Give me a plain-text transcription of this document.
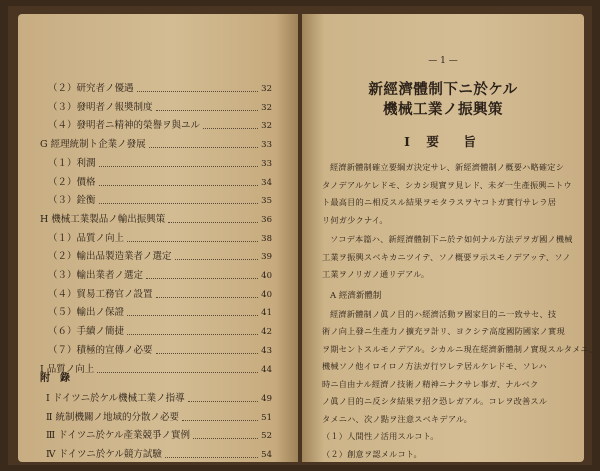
（２）研究者ノ優遇	32
（３）發明者ノ報奬制度	32
（４）發明者ニ精神的榮譽ヲ與ユル	32
G 經理統制ト企業ノ發展	33
（１）利潤	33
（２）價格	34
（３）銓衡	35
H 機械工業製品ノ輸出振興策	36
（１）品質ノ向上	38
（２）輸出品製造業者ノ選定	39
（３）輸出業者ノ選定	40
（４）貿易工務官ノ設置	40
（５）輸出ノ保證	41
（６）手續ノ簡捷	42
（７）積極的宣傳ノ必要	43
I 品質ノ向上	44
附　錄
Ⅰ ドイツニ於ケル機械工業ノ指導	49
Ⅱ 統制機關ノ地域的分散ノ必要	51
Ⅲ ドイツニ於ケル產業競爭ノ實例	52
Ⅳ ドイツニ於ケル競方試驗	54
— 1 —
新經濟體制下ニ於ケル
機械工業ノ振興策
Ⅰ 要　旨
經濟新體制確立要綱ガ決定サレ、新經濟體制ノ概要ハ略確定シ
タノデアルケレドモ、シカシ現實ヲ見レド、未ダ一生產振興ニトウ
ト最高目的ニ相反スル結果ヲモタラスヲヤコトガ實行サレラ居
リ何ガ少クナイ。
ソコデ本篇ハ、新經濟體制下ニ於テ如何ナル方法デヲガ國ノ機械
工業ヲ振興スベキカニツイテ、ソノ概要ヲ示スモノデアッテ、ソノ
工業ヲノリガノ通リデアル。
A 經濟新體制
經濟新體制ノ眞ノ目的ハ經濟活動ヲ國家目的ニ一致サセ、技
術ノ向上發ニ生產力ノ擴充ヲ計リ、ヨクシテ高度國防國家ノ實現
ヲ期セントスルモノデアル。シカルニ現在經濟新體制ノ實現スルタメニ、
機械ソノ他イロイロノ方法ガ行ワレテ居ルケレドモ、ソレハ
時ニ自由ナル經濟ノ技術ノ精神ニナクサレ事ガ、ナルベク
ノ眞ノ目的ニ反シタ結果ヲ招ク恐レガアル。コレヲ改善スル
タメニハ、次ノ點ヲ注意スベキデアル。
（１）人間性ノ活用スルコト。
（２）創意ヲ認メルコト。
